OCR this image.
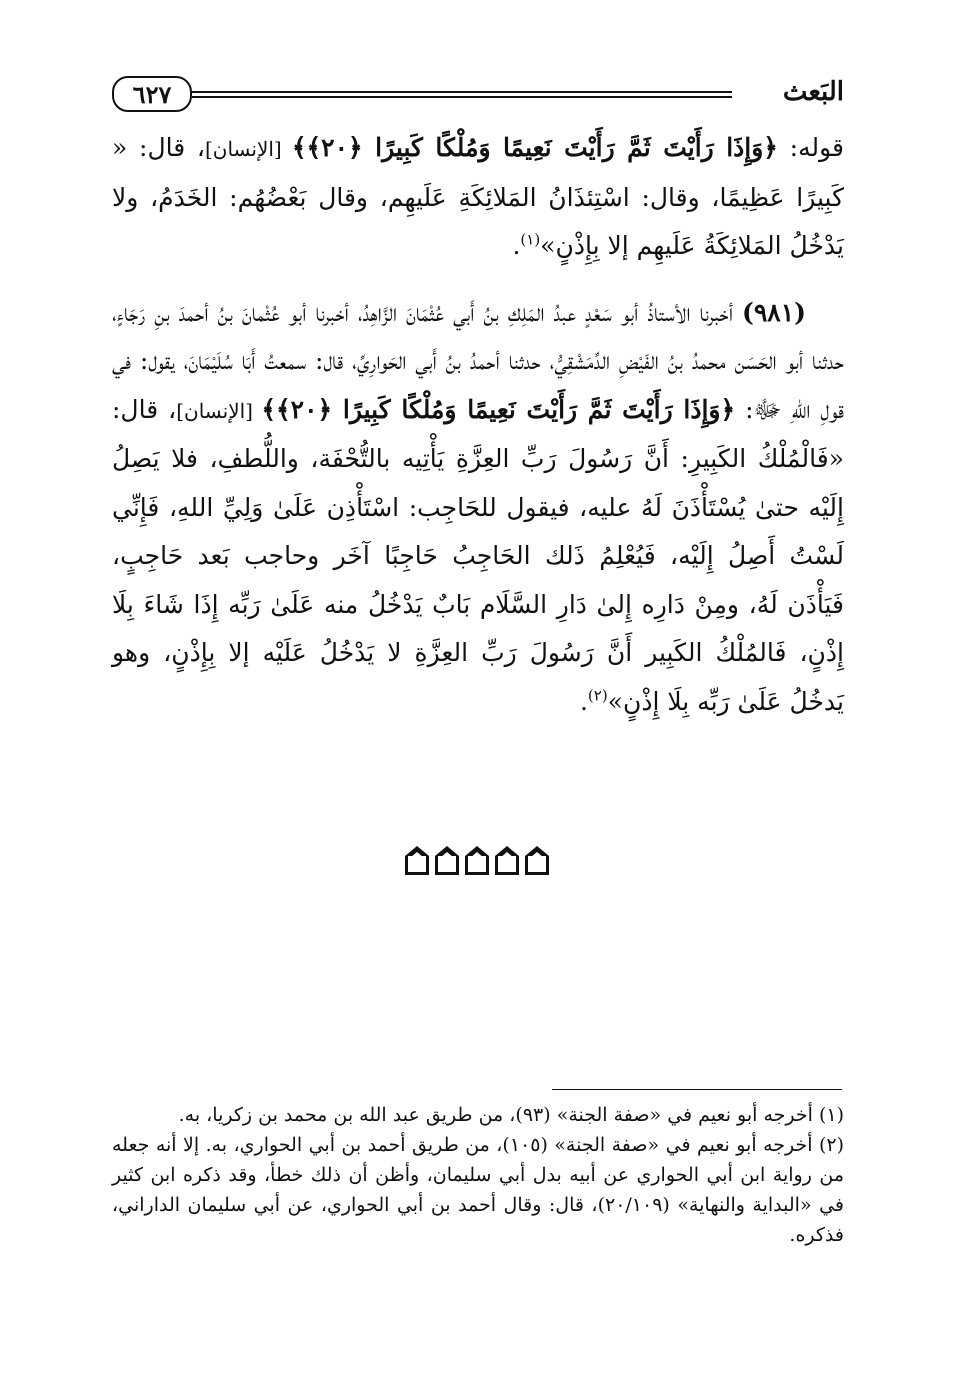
٦٢٧	البَعث

قوله: ﴿وَإِذَا رَأَيْتَ ثَمَّ رَأَيْتَ نَعِيمًا وَمُلْكًا كَبِيرًا ﴿٢٠﴾﴾ [الإنسان]، قال: « كَبِيرًا عَظِيمًا، وقال: اسْتِئذَانُ المَلائِكَةِ عَلَيهِم، وقال بَعْضُهُم: الخَدَمُ، ولا يَدْخُلُ المَلائِكَةُ عَلَيهِم إلا بِإِذْنٍ»$^{(١)}$.

(٩٨١) أخبرنا الأستاذُ أبو سَعْدٍ عبدُ المَلِكِ بنُ أَبي عُثْمَانَ الزَّاهِدُ، أخبرنا أبو عُثْمانَ بنُ أحمدَ بنِ رَجَاءٍ، حدثنا أبو الحَسَن محمدُ بنُ الفَيْضِ الدِّمَشْقِيُّ، حدثنا أحمدُ بنُ أَبي الحَوارِيِّ، قال: سمعتُ أَبَا سُلَيْمَانَ، يقول: في قولِ اللهِ ﷻ: ﴿وَإِذَا رَأَيْتَ ثَمَّ رَأَيْتَ نَعِيمًا وَمُلْكًا كَبِيرًا ﴿٢٠﴾﴾ [الإنسان]، قال: «فَالْمُلْكُ الكَبِيرِ: أَنَّ رَسُولَ رَبِّ العِزَّةِ يَأْتِيه بالتُّحْفَة، واللُّطفِ، فلا يَصِلُ إِلَيْه حتىٰ يُسْتَأْذَنَ لَهُ عليه، فيقول للحَاجِب: اسْتَأْذِن عَلَىٰ وَلِيِّ اللهِ، فَإِنِّي لَسْتُ أَصِلُ إِلَيْه، فَيُعْلِمُ ذَلك الحَاجِبُ حَاجِبًا آخَر وحاجب بَعد حَاجِبٍ، فَيَأْذَن لَهُ، ومِنْ دَارِه إِلىٰ دَارِ السَّلَام بَابٌ يَدْخُلُ منه عَلَىٰ رَبِّه إِذَا شَاءَ بِلَا إِذْنٍ، فَالمُلْكُ الكَبِير أَنَّ رَسُولَ رَبِّ العِزَّةِ لا يَدْخُلُ عَلَيْه إلا بِإِذْنٍ، وهو يَدخُلُ عَلَىٰ رَبِّه بِلَا إِذْنٍ»$^{(٢)}$.

(١) أخرجه أبو نعيم في «صفة الجنة» (٩٣)، من طريق عبد الله بن محمد بن زكريا، به.

(٢) أخرجه أبو نعيم في «صفة الجنة» (١٠٥)، من طريق أحمد بن أبي الحواري، به. إلا أنه جعله من رواية ابن أبي الحواري عن أبيه بدل أبي سليمان، وأظن أن ذلك خطأ، وقد ذكره ابن كثير في «البداية والنهاية» (٢٠/١٠٩)، قال: وقال أحمد بن أبي الحواري، عن أبي سليمان الداراني، فذكره.
